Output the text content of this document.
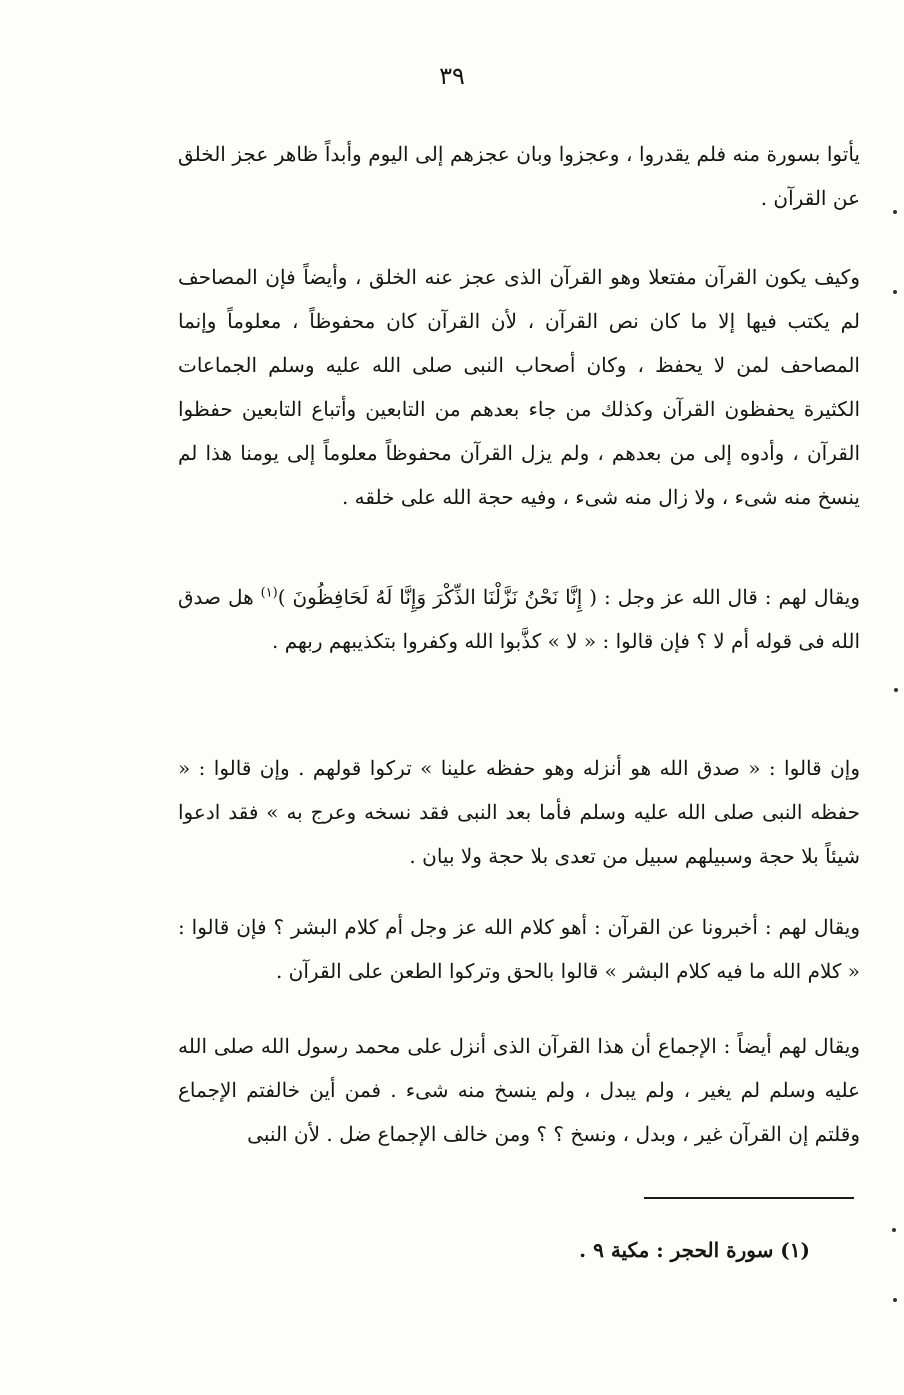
٣٩

يأتوا بسورة منه فلم يقدروا ، وعجزوا وبان عجزهم إلى اليوم وأبداً ظاهر عجز الخلق عن القرآن .

وكيف يكون القرآن مفتعلا وهو القرآن الذى عجز عنه الخلق ، وأيضاً فإن المصاحف لم يكتب فيها إلا ما كان نص القرآن ، لأن القرآن كان محفوظاً ، معلوماً وإنما المصاحف لمن لا يحفظ ، وكان أصحاب النبى صلى الله عليه وسلم الجماعات الكثيرة يحفظون القرآن وكذلك من جاء بعدهم من التابعين وأتباع التابعين حفظوا القرآن ، وأدوه إلى من بعدهم ، ولم يزل القرآن محفوظاً معلوماً إلى يومنا هذا لم ينسخ منه شىء ، ولا زال منه شىء ، وفيه حجة الله على خلقه .

ويقال لهم : قال الله عز وجل : ( إِنَّا نَحْنُ نَزَّلْنَا الذِّكْرَ وَإِنَّا لَهُ لَحَافِظُونَ )$^{(١)}$ هل صدق الله فى قوله أم لا ؟ فإن قالوا : « لا » كذَّبوا الله وكفروا بتكذيبهم ربهم .

وإن قالوا : « صدق الله هو أنزله وهو حفظه علينا » تركوا قولهم . وإن قالوا : « حفظه النبى صلى الله عليه وسلم فأما بعد النبى فقد نسخه وعرج به » فقد ادعوا شيئاً بلا حجة وسبيلهم سبيل من تعدى بلا حجة ولا بيان .

ويقال لهم : أخبرونا عن القرآن : أهو كلام الله عز وجل أم كلام البشر ؟ فإن قالوا : « كلام الله ما فيه كلام البشر » قالوا بالحق وتركوا الطعن على القرآن .

ويقال لهم أيضاً : الإجماع أن هذا القرآن الذى أنزل على محمد رسول الله صلى الله عليه وسلم لم يغير ، ولم يبدل ، ولم ينسخ منه شىء . فمن أين خالفتم الإجماع وقلتم إن القرآن غير ، وبدل ، ونسخ ؟ ؟ ومن خالف الإجماع ضل . لأن النبى

(١) سورة الحجر : مكية ٩ .
